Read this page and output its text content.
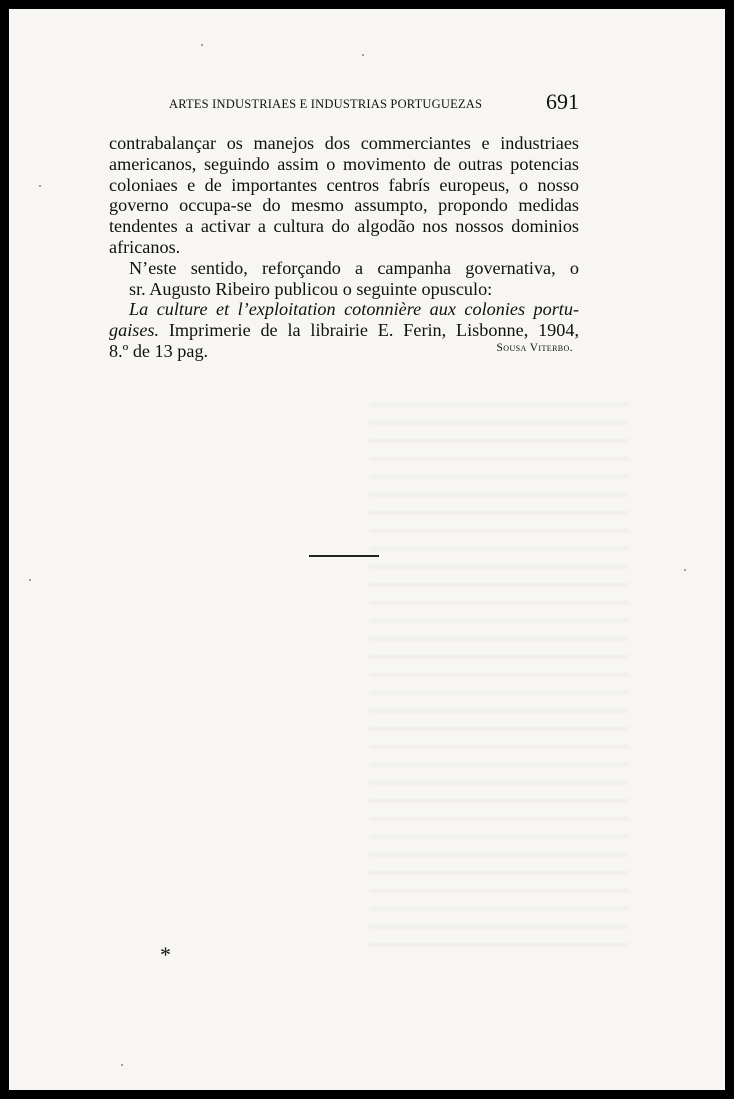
ARTES INDUSTRIAES E INDUSTRIAS PORTUGUEZAS	691
contrabalançar os manejos dos commerciantes e industriaes
americanos, seguindo assim o movimento de outras potencias
coloniaes e de importantes centros fabrís europeus, o nosso
governo occupa-se do mesmo assumpto, propondo medidas
tendentes a activar a cultura do algodão nos nossos dominios
africanos.
N’este sentido, reforçando a campanha governativa, o
sr. Augusto Ribeiro publicou o seguinte opusculo:
La culture et l’exploitation cotonnière aux colonies portu-
gaises. Imprimerie de la librairie E. Ferin, Lisbonne, 1904,
8.º de 13 pag.	Sousa Viterbo.
*
